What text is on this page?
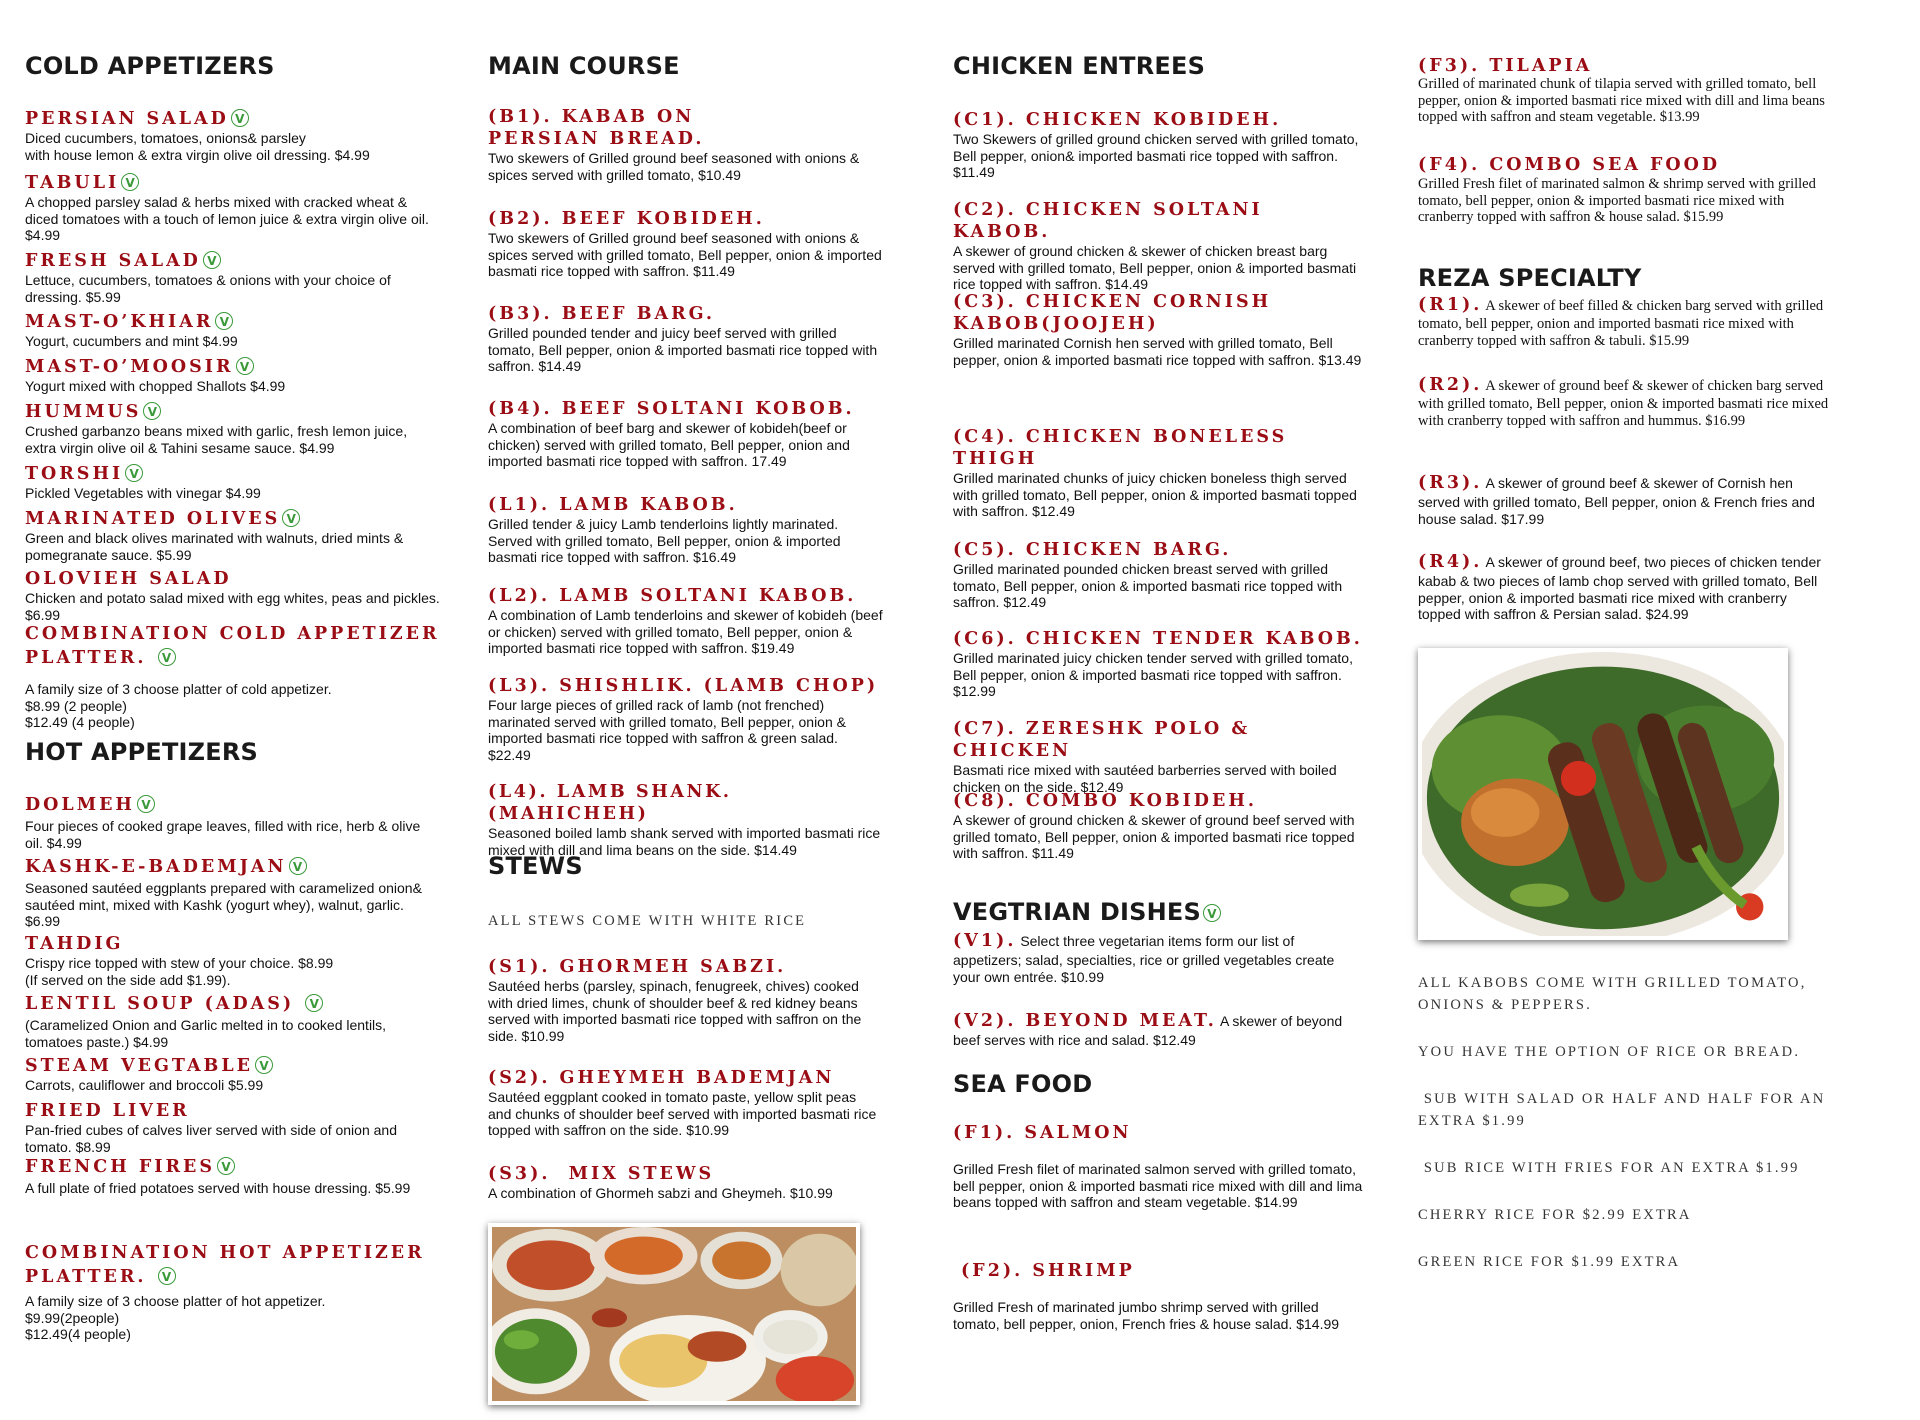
COLD APPETIZERS
PERSIAN SALAD V
Diced cucumbers, tomatoes, onions& parsley
with house lemon & extra virgin olive oil dressing. $4.99
TABULI V
A chopped parsley salad & herbs mixed with cracked wheat & diced tomatoes with a touch of lemon juice & extra virgin olive oil. $4.99
FRESH SALAD V
Lettuce, cucumbers, tomatoes & onions with your choice of dressing. $5.99
MAST-O’KHIAR V
Yogurt, cucumbers and mint $4.99
MAST-O’MOOSIR V
Yogurt mixed with chopped Shallots $4.99
HUMMUS V
Crushed garbanzo beans mixed with garlic, fresh lemon juice, extra virgin olive oil & Tahini sesame sauce. $4.99
TORSHI V
Pickled Vegetables with vinegar $4.99
MARINATED OLIVES V
Green and black olives marinated with walnuts, dried mints & pomegranate sauce. $5.99
OLOVIEH SALAD
Chicken and potato salad mixed with egg whites, peas and pickles. $6.99
COMBINATION COLD APPETIZER PLATTER. V
A family size of 3 choose platter of cold appetizer.
$8.99 (2 people)
$12.49 (4 people)
HOT APPETIZERS
DOLMEH V
Four pieces of cooked grape leaves, filled with rice, herb & olive oil. $4.99
KASHK-E-BADEMJAN V
Seasoned sautéed eggplants prepared with caramelized onion& sautéed mint, mixed with Kashk (yogurt whey), walnut, garlic. $6.99
TAHDIG
Crispy rice topped with stew of your choice. $8.99
(If served on the side add $1.99).
LENTIL SOUP (ADAS) V
(Caramelized Onion and Garlic melted in to cooked lentils, tomatoes paste.) $4.99
STEAM VEGTABLE V
Carrots, cauliflower and broccoli $5.99
FRIED LIVER
Pan-fried cubes of calves liver served with side of onion and tomato. $8.99
FRENCH FIRES V
A full plate of fried potatoes served with house dressing. $5.99
COMBINATION HOT APPETIZER PLATTER. V
A family size of 3 choose platter of hot appetizer.
$9.99(2people)
$12.49(4 people)
MAIN COURSE
(B1). KABAB ON PERSIAN BREAD.
Two skewers of Grilled ground beef seasoned with onions & spices served with grilled tomato, $10.49
(B2). BEEF KOBIDEH.
Two skewers of Grilled ground beef seasoned with onions & spices served with grilled tomato, Bell pepper, onion & imported basmati rice topped with saffron. $11.49
(B3). BEEF BARG.
Grilled pounded tender and juicy beef served with grilled tomato, Bell pepper, onion & imported basmati rice topped with saffron. $14.49
(B4). BEEF SOLTANI KOBOB.
A combination of beef barg and skewer of kobideh(beef or chicken) served with grilled tomato, Bell pepper, onion and imported basmati rice topped with saffron. 17.49
(L1). LAMB KABOB.
Grilled tender & juicy Lamb tenderloins lightly marinated. Served with grilled tomato, Bell pepper, onion & imported basmati rice topped with saffron. $16.49
(L2). LAMB SOLTANI KABOB.
A combination of Lamb tenderloins and skewer of kobideh (beef or chicken) served with grilled tomato, Bell pepper, onion & imported basmati rice topped with saffron. $19.49
(L3). SHISHLIK. (LAMB CHOP)
Four large pieces of grilled rack of lamb (not frenched) marinated served with grilled tomato, Bell pepper, onion & imported basmati rice topped with saffron & green salad. $22.49
(L4). LAMB SHANK. (MAHICHEH)
Seasoned boiled lamb shank served with imported basmati rice mixed with dill and lima beans on the side. $14.49
STEWS
ALL STEWS COME WITH WHITE RICE
(S1). GHORMEH SABZI.
Sautéed herbs (parsley, spinach, fenugreek, chives) cooked with dried limes, chunk of shoulder beef & red kidney beans served with imported basmati rice topped with saffron on the side. $10.99
(S2). GHEYMEH BADEMJAN
Sautéed eggplant cooked in tomato paste, yellow split peas and chunks of shoulder beef served with imported basmati rice topped with saffron on the side. $10.99
(S3).  MIX STEWS
A combination of Ghormeh sabzi and Gheymeh. $10.99
CHICKEN ENTREES
(C1). CHICKEN KOBIDEH.
Two Skewers of grilled ground chicken served with grilled tomato, Bell pepper, onion& imported basmati rice topped with saffron. $11.49
(C2). CHICKEN SOLTANI KABOB.
A skewer of ground chicken & skewer of chicken breast barg served with grilled tomato, Bell pepper, onion & imported basmati rice topped with saffron. $14.49
(C3). CHICKEN CORNISH KABOB(JOOJEH)
Grilled marinated Cornish hen served with grilled tomato, Bell pepper, onion & imported basmati rice topped with saffron. $13.49
(C4). CHICKEN BONELESS THIGH
Grilled marinated chunks of juicy chicken boneless thigh served with grilled tomato, Bell pepper, onion & imported basmati topped with saffron. $12.49
(C5). CHICKEN BARG.
Grilled marinated pounded chicken breast served with grilled tomato, Bell pepper, onion & imported basmati rice topped with saffron. $12.49
(C6). CHICKEN TENDER KABOB.
Grilled marinated juicy chicken tender served with grilled tomato, Bell pepper, onion & imported basmati rice topped with saffron. $12.99
(C7). ZERESHK POLO & CHICKEN
Basmati rice mixed with sautéed barberries served with boiled chicken on the side. $12.49
(C8). COMBO KOBIDEH.
A skewer of ground chicken & skewer of ground beef served with grilled tomato, Bell pepper, onion & imported basmati rice topped with saffron. $11.49
VEGTRIAN DISHES V
(V1). Select three vegetarian items form our list of appetizers; salad, specialties, rice or grilled vegetables create your own entrée. $10.99
(V2). BEYOND MEAT. A skewer of beyond beef serves with rice and salad. $12.49
SEA FOOD
(F1). SALMON
Grilled Fresh filet of marinated salmon served with grilled tomato, bell pepper, onion & imported basmati rice mixed with dill and lima beans topped with saffron and steam vegetable. $14.99
(F2). SHRIMP
Grilled Fresh of marinated jumbo shrimp served with grilled tomato, bell pepper, onion, French fries & house salad. $14.99
(F3). TILAPIA
Grilled of marinated chunk of tilapia served with grilled tomato, bell pepper, onion & imported basmati rice mixed with dill and lima beans topped with saffron and steam vegetable. $13.99
(F4). COMBO SEA FOOD
Grilled Fresh filet of marinated salmon & shrimp served with grilled tomato, bell pepper, onion & imported basmati rice mixed with cranberry topped with saffron & house salad. $15.99
REZA SPECIALTY
(R1). A skewer of beef filled & chicken barg served with grilled tomato, bell pepper, onion and imported basmati rice mixed with cranberry topped with saffron & tabuli. $15.99
(R2). A skewer of ground beef & skewer of chicken barg served with grilled tomato, Bell pepper, onion & imported basmati rice mixed with cranberry topped with saffron and hummus. $16.99
(R3). A skewer of ground beef & skewer of Cornish hen served with grilled tomato, Bell pepper, onion & French fries and house salad. $17.99
(R4). A skewer of ground beef, two pieces of chicken tender kabab & two pieces of lamb chop served with grilled tomato, Bell pepper, onion & imported basmati rice mixed with cranberry topped with saffron & Persian salad. $24.99
ALL KABOBS COME WITH GRILLED TOMATO, ONIONS & PEPPERS.
YOU HAVE THE OPTION OF RICE OR BREAD.
SUB WITH SALAD OR HALF AND HALF FOR AN EXTRA $1.99
SUB RICE WITH FRIES FOR AN EXTRA $1.99
CHERRY RICE FOR $2.99 EXTRA
GREEN RICE FOR $1.99 EXTRA
